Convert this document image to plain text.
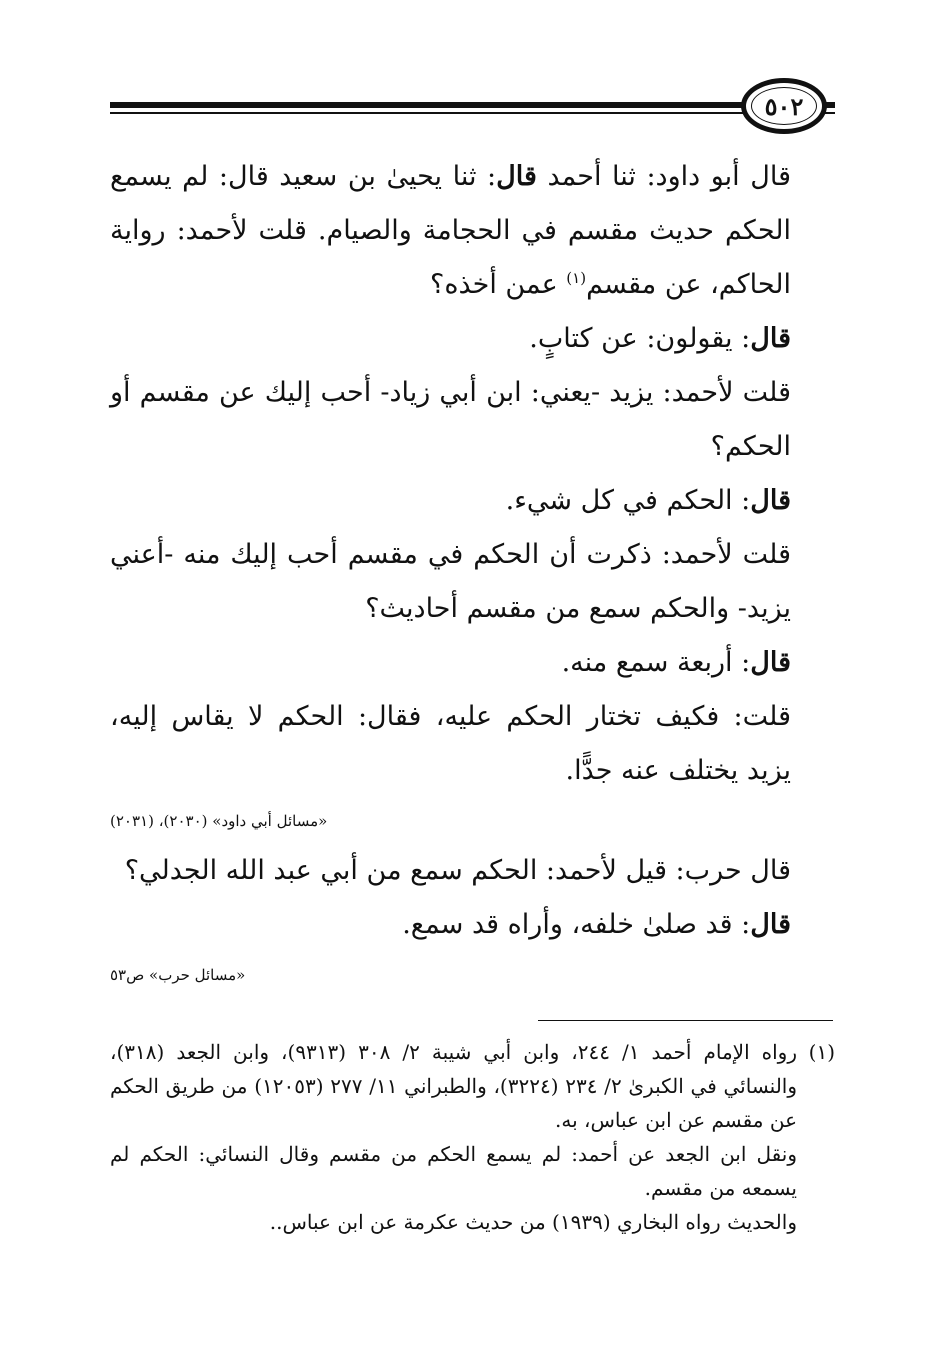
٥٠٢

قال أبو داود: ثنا أحمد قال: ثنا يحيىٰ بن سعيد قال: لم يسمع الحكم حديث مقسم في الحجامة والصيام. قلت لأحمد: رواية الحاكم، عن مقسم$^{(١)}$ عمن أخذه؟

قال: يقولون: عن كتابٍ.

قلت لأحمد: يزيد -يعني: ابن أبي زياد- أحب إليك عن مقسم أو الحكم؟

قال: الحكم في كل شيء.

قلت لأحمد: ذكرت أن الحكم في مقسم أحب إليك منه -أعني يزيد- والحكم سمع من مقسم أحاديث؟

قال: أربعة سمع منه.

قلت: فكيف تختار الحكم عليه، فقال: الحكم لا يقاس إليه، يزيد يختلف عنه جدًّا.

«مسائل أبي داود» (٢٠٣٠)، (٢٠٣١)

قال حرب: قيل لأحمد: الحكم سمع من أبي عبد الله الجدلي؟

قال: قد صلىٰ خلفه، وأراه قد سمع.

«مسائل حرب» ص٥٣

(١)

رواه الإمام أحمد ١/ ٢٤٤، وابن أبي شيبة ٢/ ٣٠٨ (٩٣١٣)، وابن الجعد (٣١٨)، والنسائي في الكبرىٰ ٢/ ٢٣٤ (٣٢٢٤)، والطبراني ١١/ ٢٧٧ (١٢٠٥٣) من طريق الحكم عن مقسم عن ابن عباس، به.

ونقل ابن الجعد عن أحمد: لم يسمع الحكم من مقسم وقال النسائي: الحكم لم يسمعه من مقسم.

والحديث رواه البخاري (١٩٣٩) من حديث عكرمة عن ابن عباس..
